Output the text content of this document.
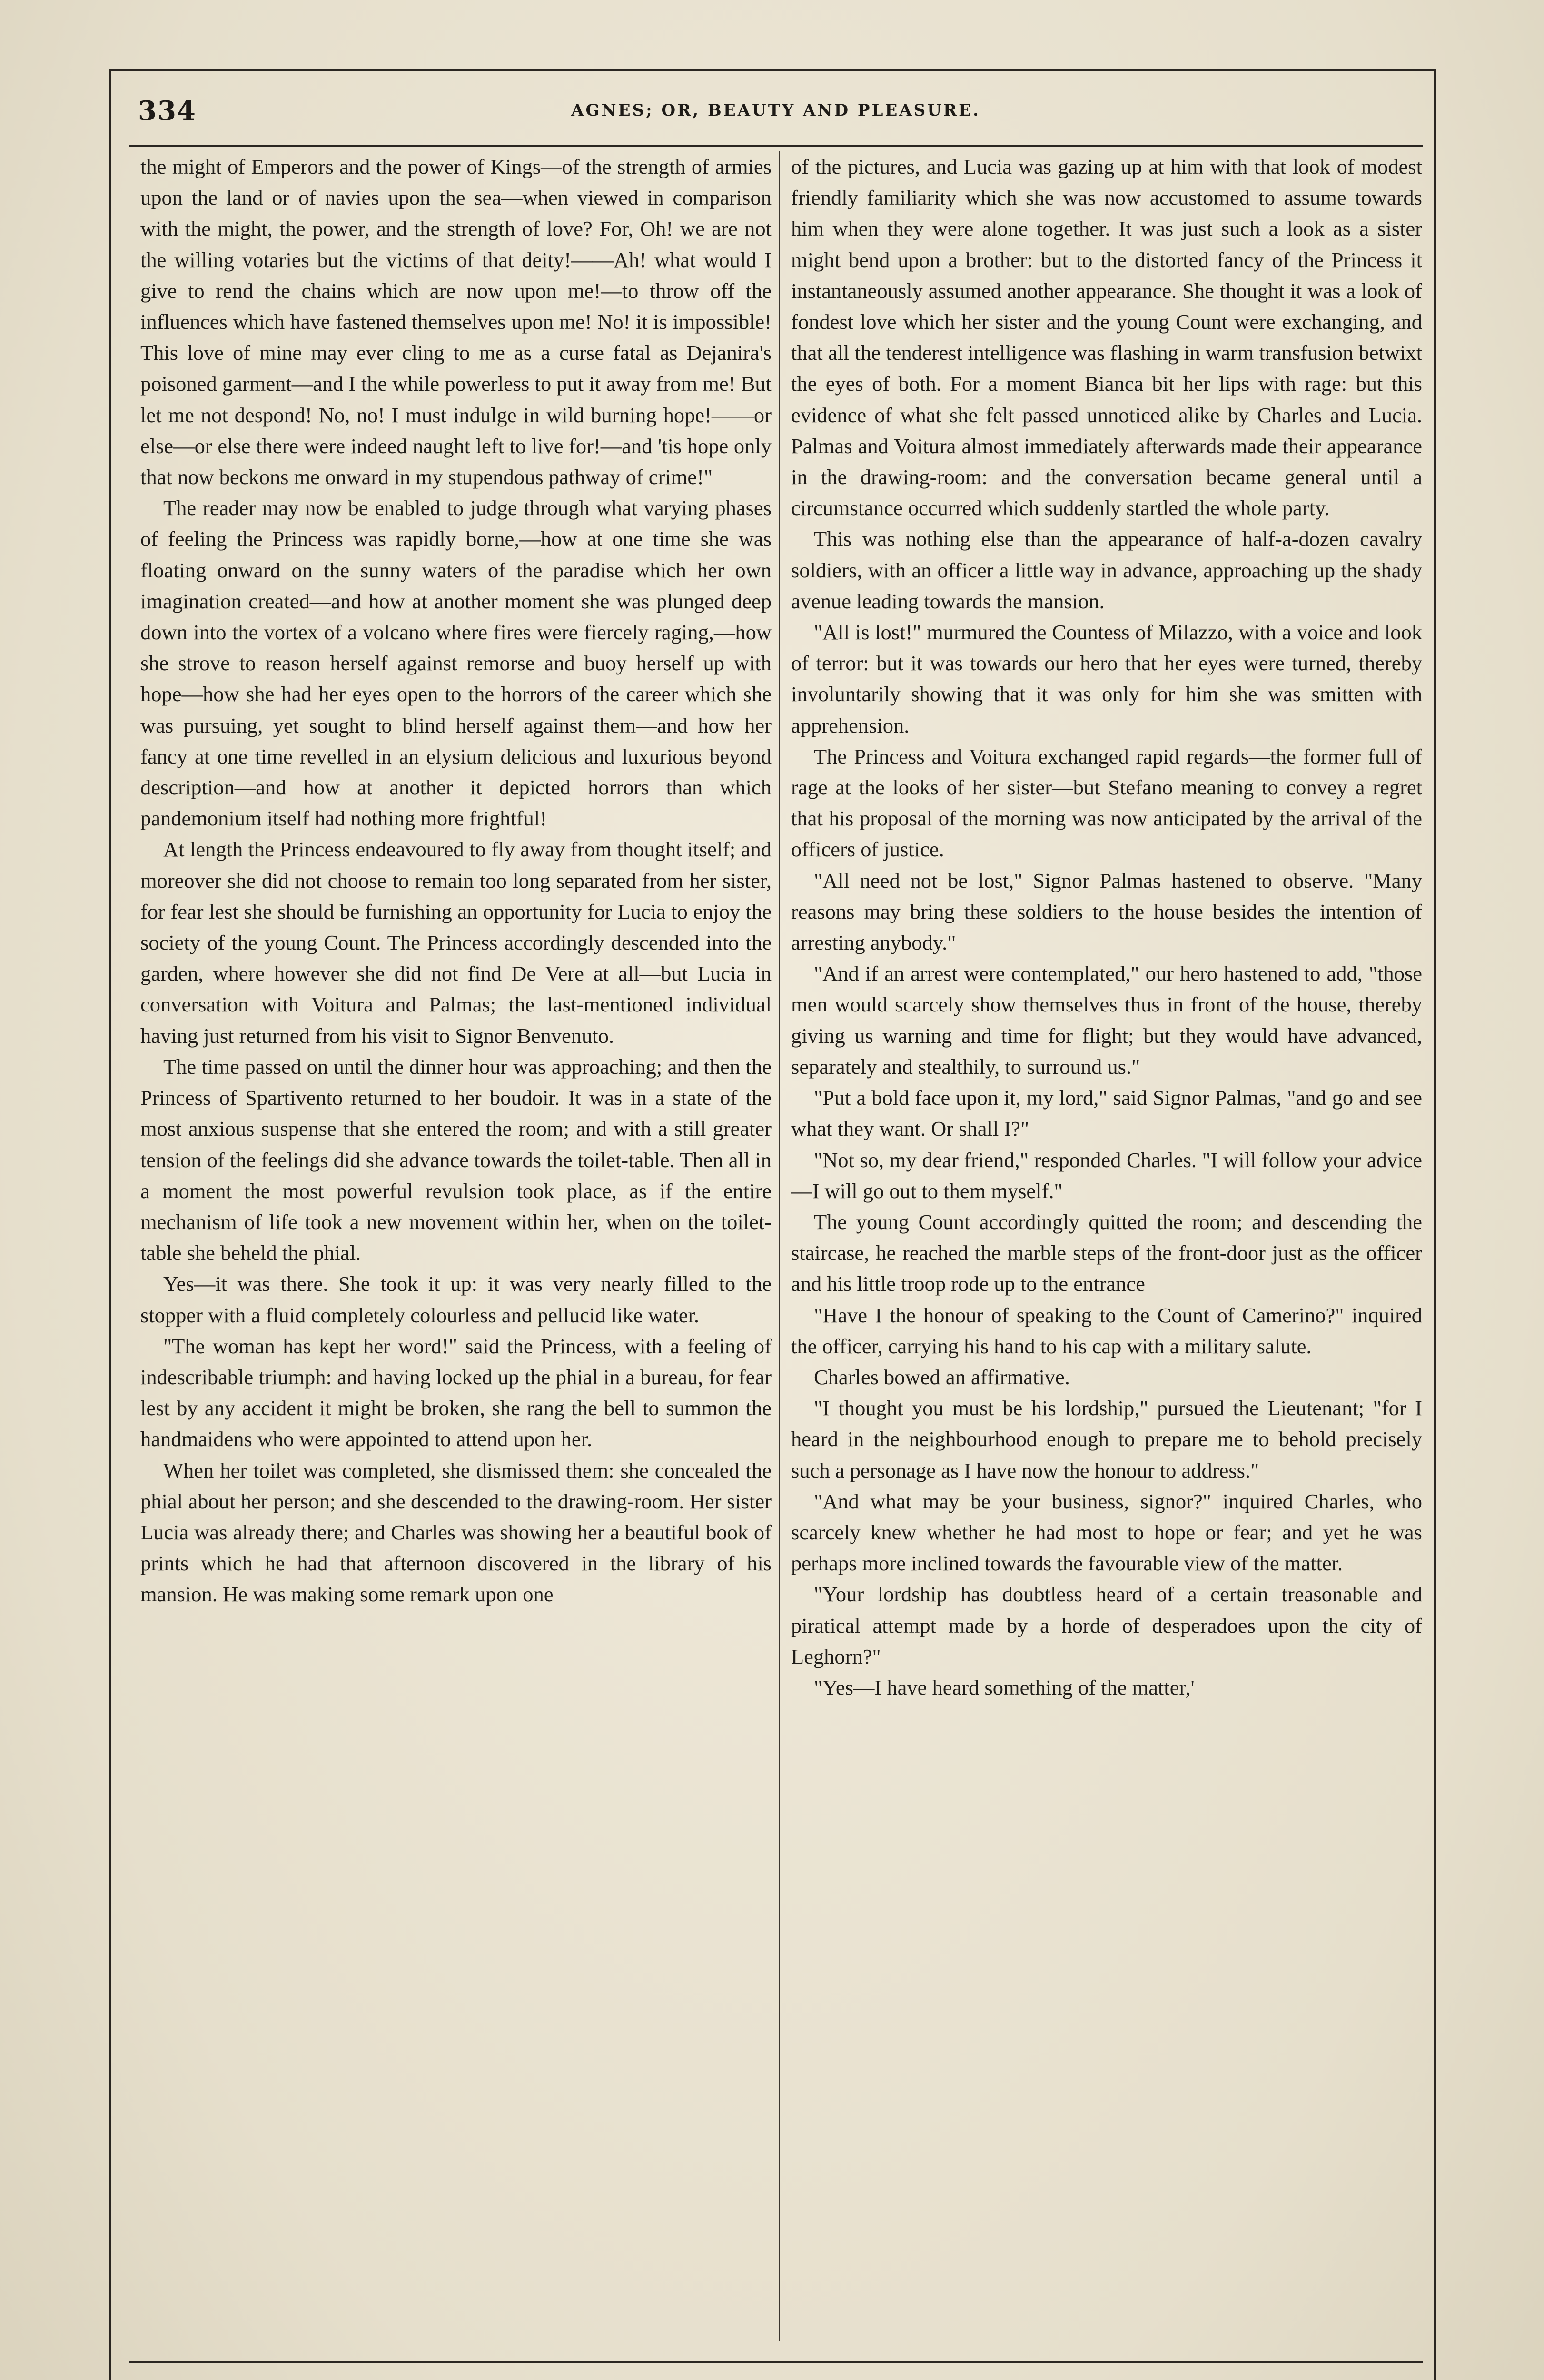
334	AGNES; OR, BEAUTY AND PLEASURE.

the might of Emperors and the power of Kings—of the strength of armies upon the land or of navies upon the sea—when viewed in comparison with the might, the power, and the strength of love? For, Oh! we are not the willing votaries but the victims of that deity!——Ah! what would I give to rend the chains which are now upon me!—to throw off the influences which have fastened themselves upon me! No! it is impossible! This love of mine may ever cling to me as a curse fatal as Dejanira's poisoned garment—and I the while powerless to put it away from me! But let me not despond! No, no! I must indulge in wild burning hope!——or else—or else there were indeed naught left to live for!—and 'tis hope only that now beckons me onward in my stupendous pathway of crime!"

The reader may now be enabled to judge through what varying phases of feeling the Princess was rapidly borne,—how at one time she was floating onward on the sunny waters of the paradise which her own imagination created—and how at another moment she was plunged deep down into the vortex of a volcano where fires were fiercely raging,—how she strove to reason herself against remorse and buoy herself up with hope—how she had her eyes open to the horrors of the career which she was pursuing, yet sought to blind herself against them—and how her fancy at one time revelled in an elysium delicious and luxurious beyond description—and how at another it depicted horrors than which pandemonium itself had nothing more frightful!

At length the Princess endeavoured to fly away from thought itself; and moreover she did not choose to remain too long separated from her sister, for fear lest she should be furnishing an opportunity for Lucia to enjoy the society of the young Count. The Princess accordingly descended into the garden, where however she did not find De Vere at all—but Lucia in conversation with Voitura and Palmas; the last-mentioned individual having just returned from his visit to Signor Benvenuto.

The time passed on until the dinner hour was approaching; and then the Princess of Spartivento returned to her boudoir. It was in a state of the most anxious suspense that she entered the room; and with a still greater tension of the feelings did she advance towards the toilet-table. Then all in a moment the most powerful revulsion took place, as if the entire mechanism of life took a new movement within her, when on the toilet-table she beheld the phial.

Yes—it was there. She took it up: it was very nearly filled to the stopper with a fluid completely colourless and pellucid like water.

"The woman has kept her word!" said the Princess, with a feeling of indescribable triumph: and having locked up the phial in a bureau, for fear lest by any accident it might be broken, she rang the bell to summon the handmaidens who were appointed to attend upon her.

When her toilet was completed, she dismissed them: she concealed the phial about her person; and she descended to the drawing-room. Her sister Lucia was already there; and Charles was showing her a beautiful book of prints which he had that afternoon discovered in the library of his mansion. He was making some remark upon one

of the pictures, and Lucia was gazing up at him with that look of modest friendly familiarity which she was now accustomed to assume towards him when they were alone together. It was just such a look as a sister might bend upon a brother: but to the distorted fancy of the Princess it instantaneously assumed another appearance. She thought it was a look of fondest love which her sister and the young Count were exchanging, and that all the tenderest intelligence was flashing in warm transfusion betwixt the eyes of both. For a moment Bianca bit her lips with rage: but this evidence of what she felt passed unnoticed alike by Charles and Lucia. Palmas and Voitura almost immediately afterwards made their appearance in the drawing-room: and the conversation became general until a circumstance occurred which suddenly startled the whole party.

This was nothing else than the appearance of half-a-dozen cavalry soldiers, with an officer a little way in advance, approaching up the shady avenue leading towards the mansion.

"All is lost!" murmured the Countess of Milazzo, with a voice and look of terror: but it was towards our hero that her eyes were turned, thereby involuntarily showing that it was only for him she was smitten with apprehension.

The Princess and Voitura exchanged rapid regards—the former full of rage at the looks of her sister—but Stefano meaning to convey a regret that his proposal of the morning was now anticipated by the arrival of the officers of justice.

"All need not be lost," Signor Palmas hastened to observe. "Many reasons may bring these soldiers to the house besides the intention of arresting anybody."

"And if an arrest were contemplated," our hero hastened to add, "those men would scarcely show themselves thus in front of the house, thereby giving us warning and time for flight; but they would have advanced, separately and stealthily, to surround us."

"Put a bold face upon it, my lord," said Signor Palmas, "and go and see what they want. Or shall I?"

"Not so, my dear friend," responded Charles. "I will follow your advice—I will go out to them myself."

The young Count accordingly quitted the room; and descending the staircase, he reached the marble steps of the front-door just as the officer and his little troop rode up to the entrance

"Have I the honour of speaking to the Count of Camerino?" inquired the officer, carrying his hand to his cap with a military salute.

Charles bowed an affirmative.

"I thought you must be his lordship," pursued the Lieutenant; "for I heard in the neighbourhood enough to prepare me to behold precisely such a personage as I have now the honour to address."

"And what may be your business, signor?" inquired Charles, who scarcely knew whether he had most to hope or fear; and yet he was perhaps more inclined towards the favourable view of the matter.

"Your lordship has doubtless heard of a certain treasonable and piratical attempt made by a horde of desperadoes upon the city of Leghorn?"

"Yes—I have heard something of the matter,'
